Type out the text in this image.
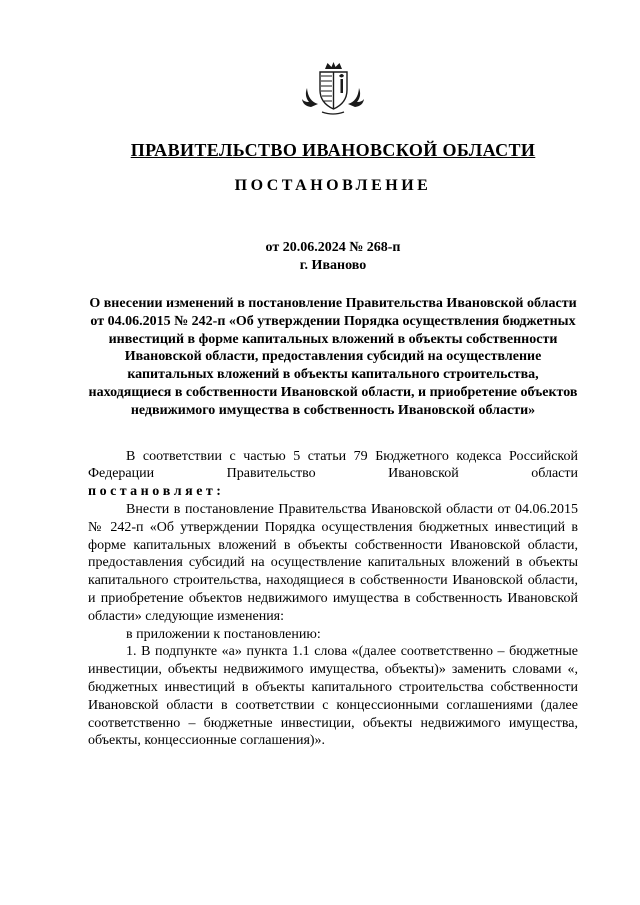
ПРАВИТЕЛЬСТВО ИВАНОВСКОЙ ОБЛАСТИ
ПОСТАНОВЛЕНИЕ

от 20.06.2024 № 268-п

г. Иваново

О внесении изменений в постановление Правительства Ивановской области от 04.06.2015 № 242-п «Об утверждении Порядка осуществления бюджетных инвестиций в форме капитальных вложений в объекты собственности Ивановской области, предоставления субсидий на осуществление капитальных вложений в объекты капитального строительства, находящиеся в собственности Ивановской области, и приобретение объектов недвижимого имущества в собственность Ивановской области»

В соответствии с частью 5 статьи 79 Бюджетного кодекса Российской Федерации Правительство Ивановской области
п о с т а н о в л я е т :

Внести в постановление Правительства Ивановской области от 04.06.2015 № 242-п «Об утверждении Порядка осуществления бюджетных инвестиций в форме капитальных вложений в объекты собственности Ивановской области, предоставления субсидий на осуществление капитальных вложений в объекты капитального строительства, находящиеся в собственности Ивановской области, и приобретение объектов недвижимого имущества в собственность Ивановской области» следующие изменения:

в приложении к постановлению:

1. В подпункте «а» пункта 1.1 слова «(далее соответственно – бюджетные инвестиции, объекты недвижимого имущества, объекты)» заменить словами «, бюджетных инвестиций в объекты капитального строительства собственности Ивановской области в соответствии с концессионными соглашениями (далее соответственно – бюджетные инвестиции, объекты недвижимого имущества, объекты, концессионные соглашения)».
